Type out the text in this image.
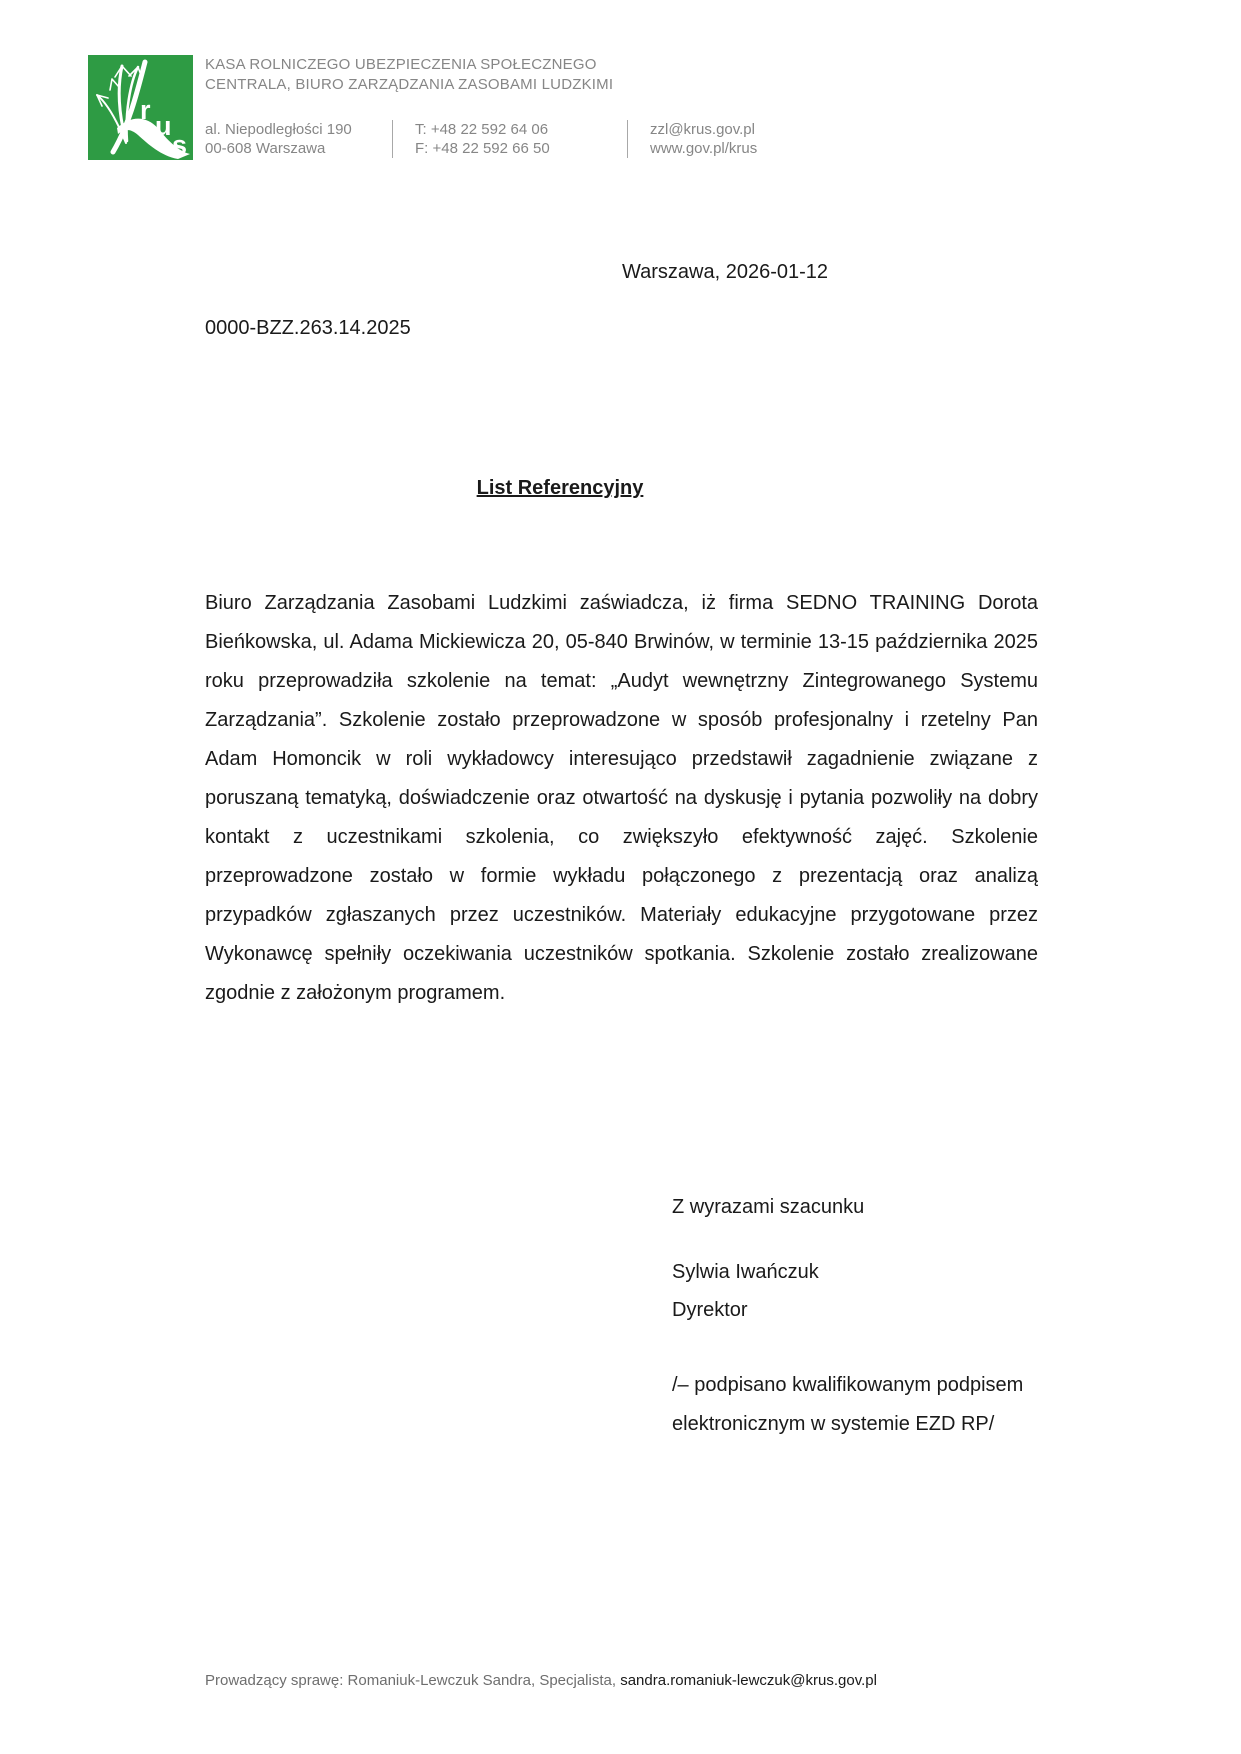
r
u
s
KASA ROLNICZEGO UBEZPIECZENIA SPOŁECZNEGO
CENTRALA, BIURO ZARZĄDZANIA ZASOBAMI LUDZKIMI
al. Niepodległości 190
00-608 Warszawa
T: +48 22 592 64 06
F: +48 22 592 66 50
zzl@krus.gov.pl
www.gov.pl/krus
Warszawa, 2026-01-12
0000-BZZ.263.14.2025
List Referencyjny
Biuro Zarządzania Zasobami Ludzkimi zaświadcza, iż firma SEDNO TRAINING Dorota Bieńkowska, ul. Adama Mickiewicza 20, 05-840 Brwinów, w terminie 13-15 października 2025 roku przeprowadziła szkolenie na temat: „Audyt wewnętrzny Zintegrowanego Systemu Zarządzania”. Szkolenie zostało przeprowadzone w sposób profesjonalny i rzetelny Pan Adam Homoncik w roli wykładowcy interesująco przedstawił zagadnienie związane z poruszaną tematyką, doświadczenie oraz otwartość na dyskusję i pytania pozwoliły na dobry kontakt z uczestnikami szkolenia, co zwiększyło efektywność zajęć. Szkolenie przeprowadzone zostało w formie wykładu połączonego z prezentacją oraz analizą przypadków zgłaszanych przez uczestników. Materiały edukacyjne przygotowane przez Wykonawcę spełniły oczekiwania uczestników spotkania. Szkolenie zostało zrealizowane zgodnie z założonym programem.
Z wyrazami szacunku
Sylwia Iwańczuk
Dyrektor
/– podpisano kwalifikowanym podpisem
elektronicznym w systemie EZD RP/
Prowadzący sprawę: Romaniuk-Lewczuk Sandra, Specjalista, sandra.romaniuk-lewczuk@krus.gov.pl
